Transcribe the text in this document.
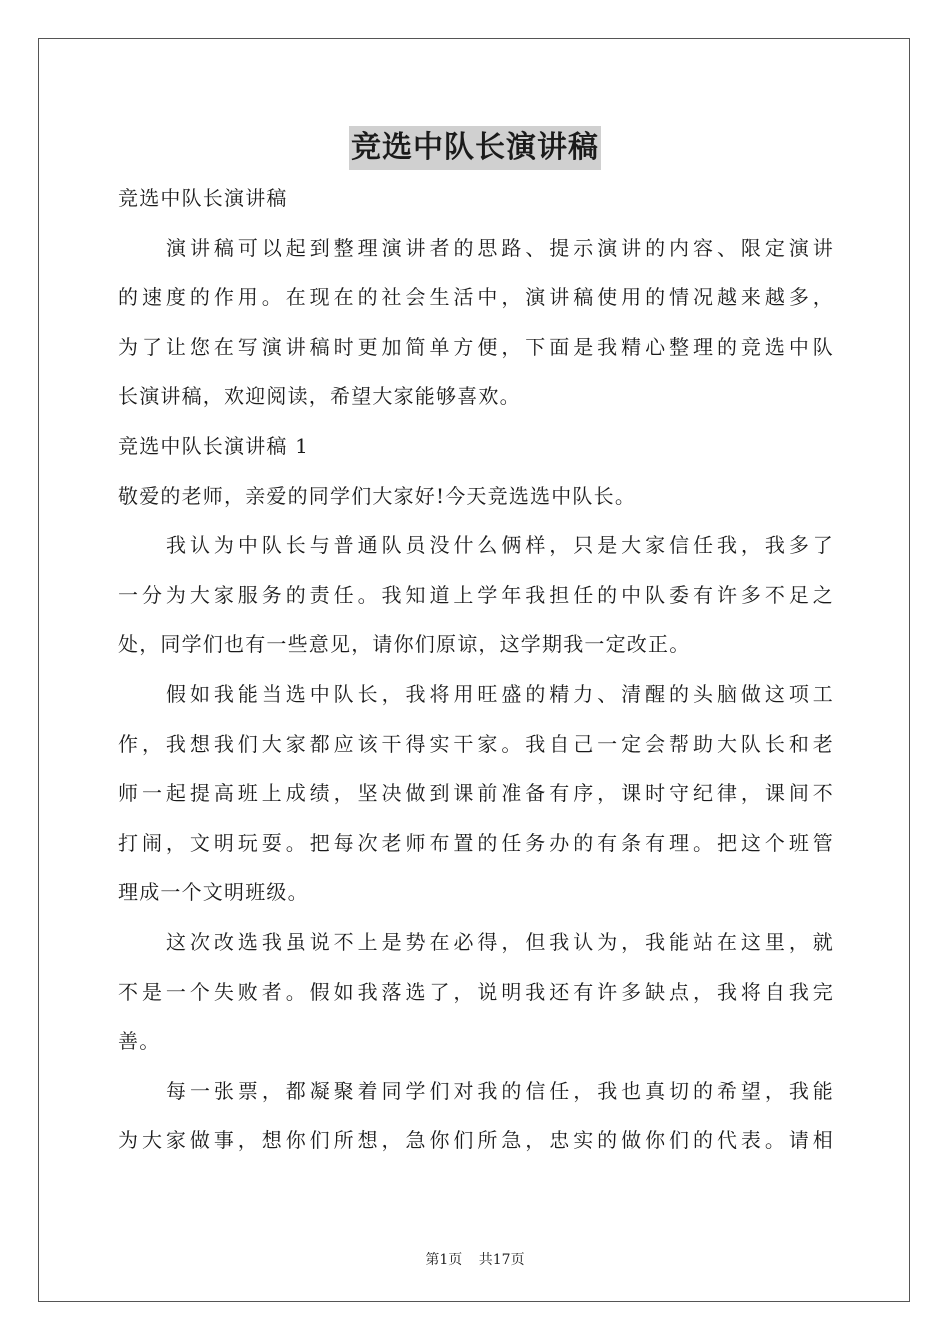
竞选中队长演讲稿
竞选中队长演讲稿
演讲稿可以起到整理演讲者的思路、提示演讲的内容、限定演讲
的速度的作用。在现在的社会生活中，演讲稿使用的情况越来越多，
为了让您在写演讲稿时更加简单方便，下面是我精心整理的竞选中队
长演讲稿，欢迎阅读，希望大家能够喜欢。
竞选中队长演讲稿 1
敬爱的老师，亲爱的同学们大家好!今天竞选选中队长。
我认为中队长与普通队员没什么俩样，只是大家信任我，我多了
一分为大家服务的责任。我知道上学年我担任的中队委有许多不足之
处，同学们也有一些意见，请你们原谅，这学期我一定改正。
假如我能当选中队长，我将用旺盛的精力、清醒的头脑做这项工
作，我想我们大家都应该干得实干家。我自己一定会帮助大队长和老
师一起提高班上成绩，坚决做到课前准备有序，课时守纪律，课间不
打闹，文明玩耍。把每次老师布置的任务办的有条有理。把这个班管
理成一个文明班级。
这次改选我虽说不上是势在必得，但我认为，我能站在这里，就
不是一个失败者。假如我落选了，说明我还有许多缺点，我将自我完
善。
每一张票，都凝聚着同学们对我的信任，我也真切的希望，我能
为大家做事，想你们所想，急你们所急，忠实的做你们的代表。请相
第1页 共17页
